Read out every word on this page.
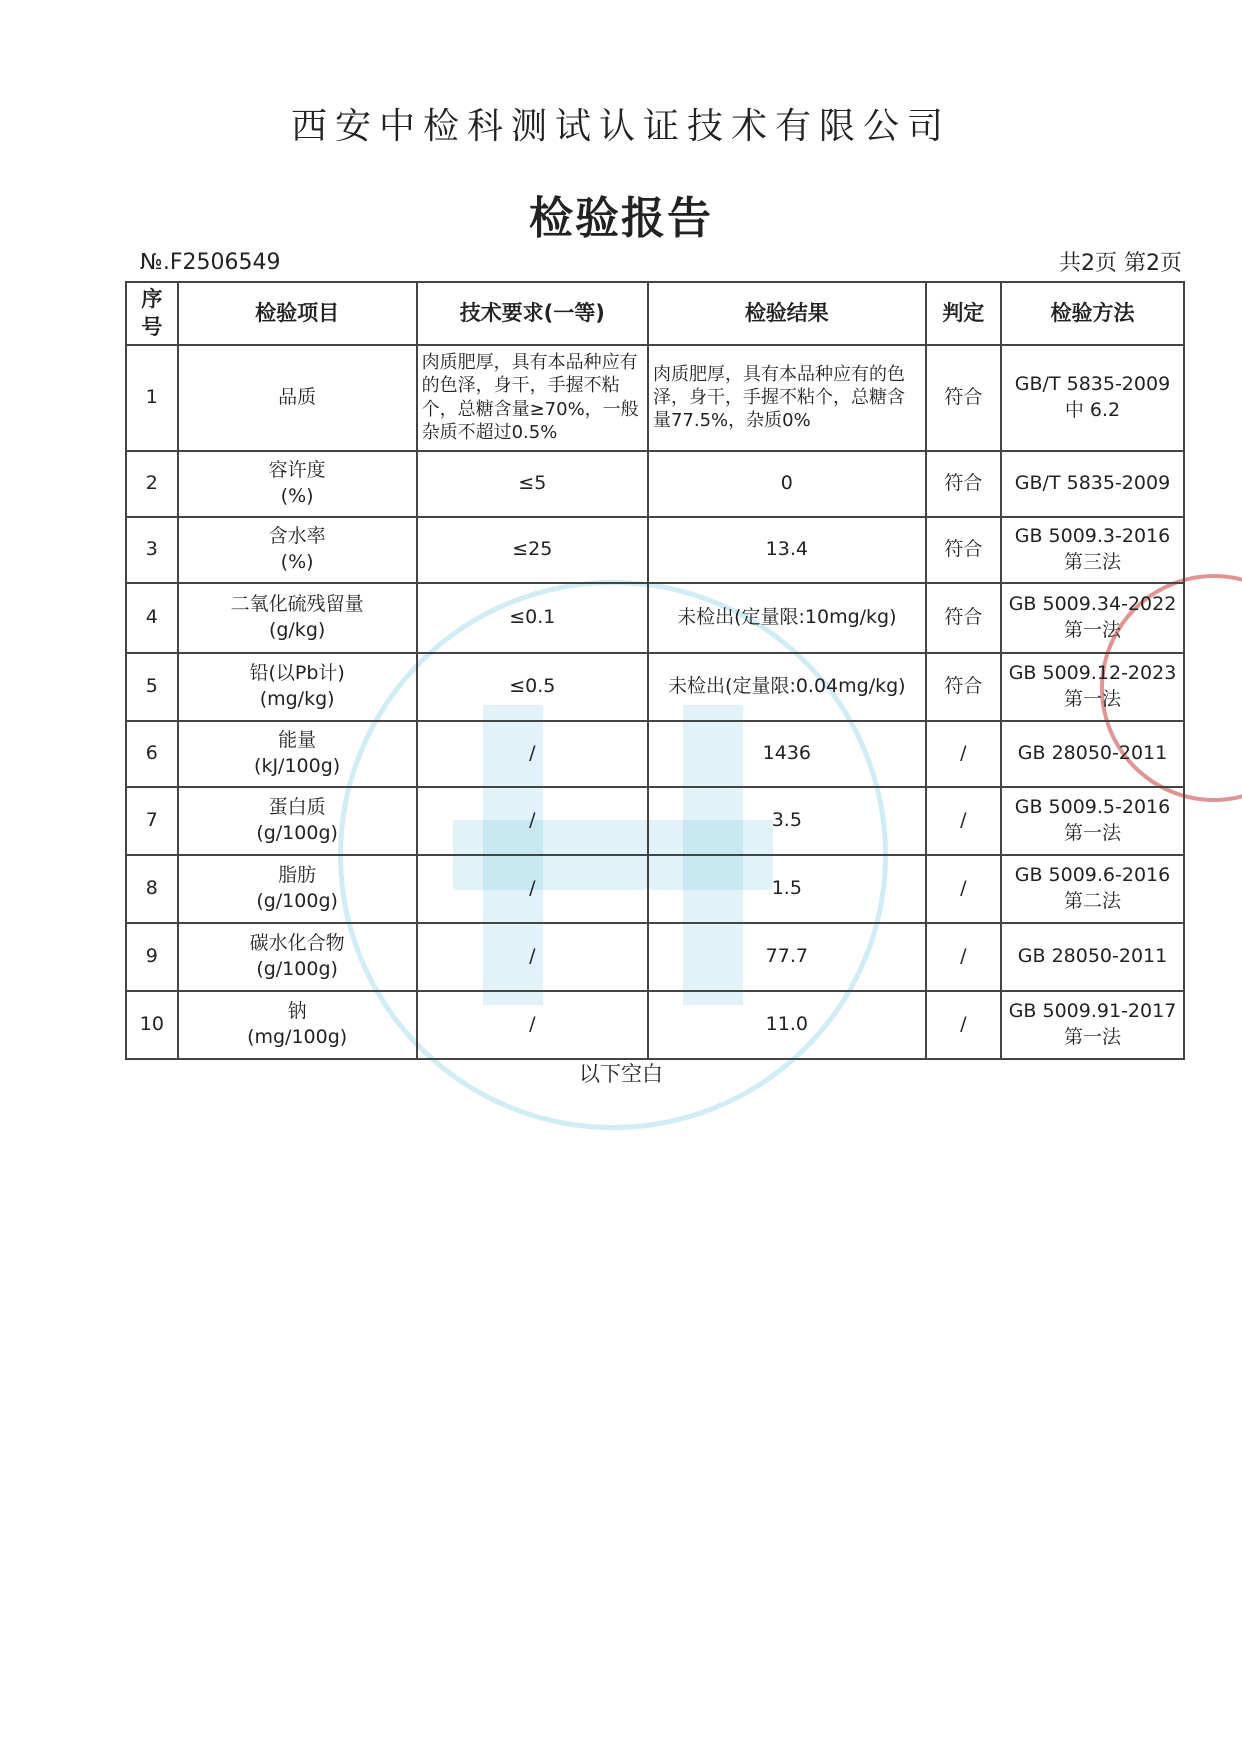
西安中检科测试认证技术有限公司
检验报告
№.F2506549	共2页 第2页
序号	检验项目	技术要求(一等)	检验结果	判定	检验方法
1	品质	肉质肥厚，具有本品种应有的色泽，身干，手握不粘个，总糖含量≥70%，一般杂质不超过0.5%	肉质肥厚，具有本品种应有的色泽，身干，手握不粘个，总糖含量77.5%，杂质0%	符合	GB/T 5835-2009
中 6.2

2	容许度
(%)	≤5	0	符合	GB/T 5835-2009

3	含水率
(%)	≤25	13.4	符合	GB 5009.3-2016
第三法

4	二氧化硫残留量
(g/kg)	≤0.1	未检出(定量限:10mg/kg)	符合	GB 5009.34-2022
第一法

5	铅(以Pb计)
(mg/kg)	≤0.5	未检出(定量限:0.04mg/kg)	符合	GB 5009.12-2023
第一法

6	能量
(kJ/100g)	/	1436	/	GB 28050-2011

7	蛋白质
(g/100g)	/	3.5	/	GB 5009.5-2016
第一法

8	脂肪
(g/100g)	/	1.5	/	GB 5009.6-2016
第二法

9	碳水化合物
(g/100g)	/	77.7	/	GB 28050-2011

10	钠
(mg/100g)	/	11.0	/	GB 5009.91-2017
第一法
以下空白
